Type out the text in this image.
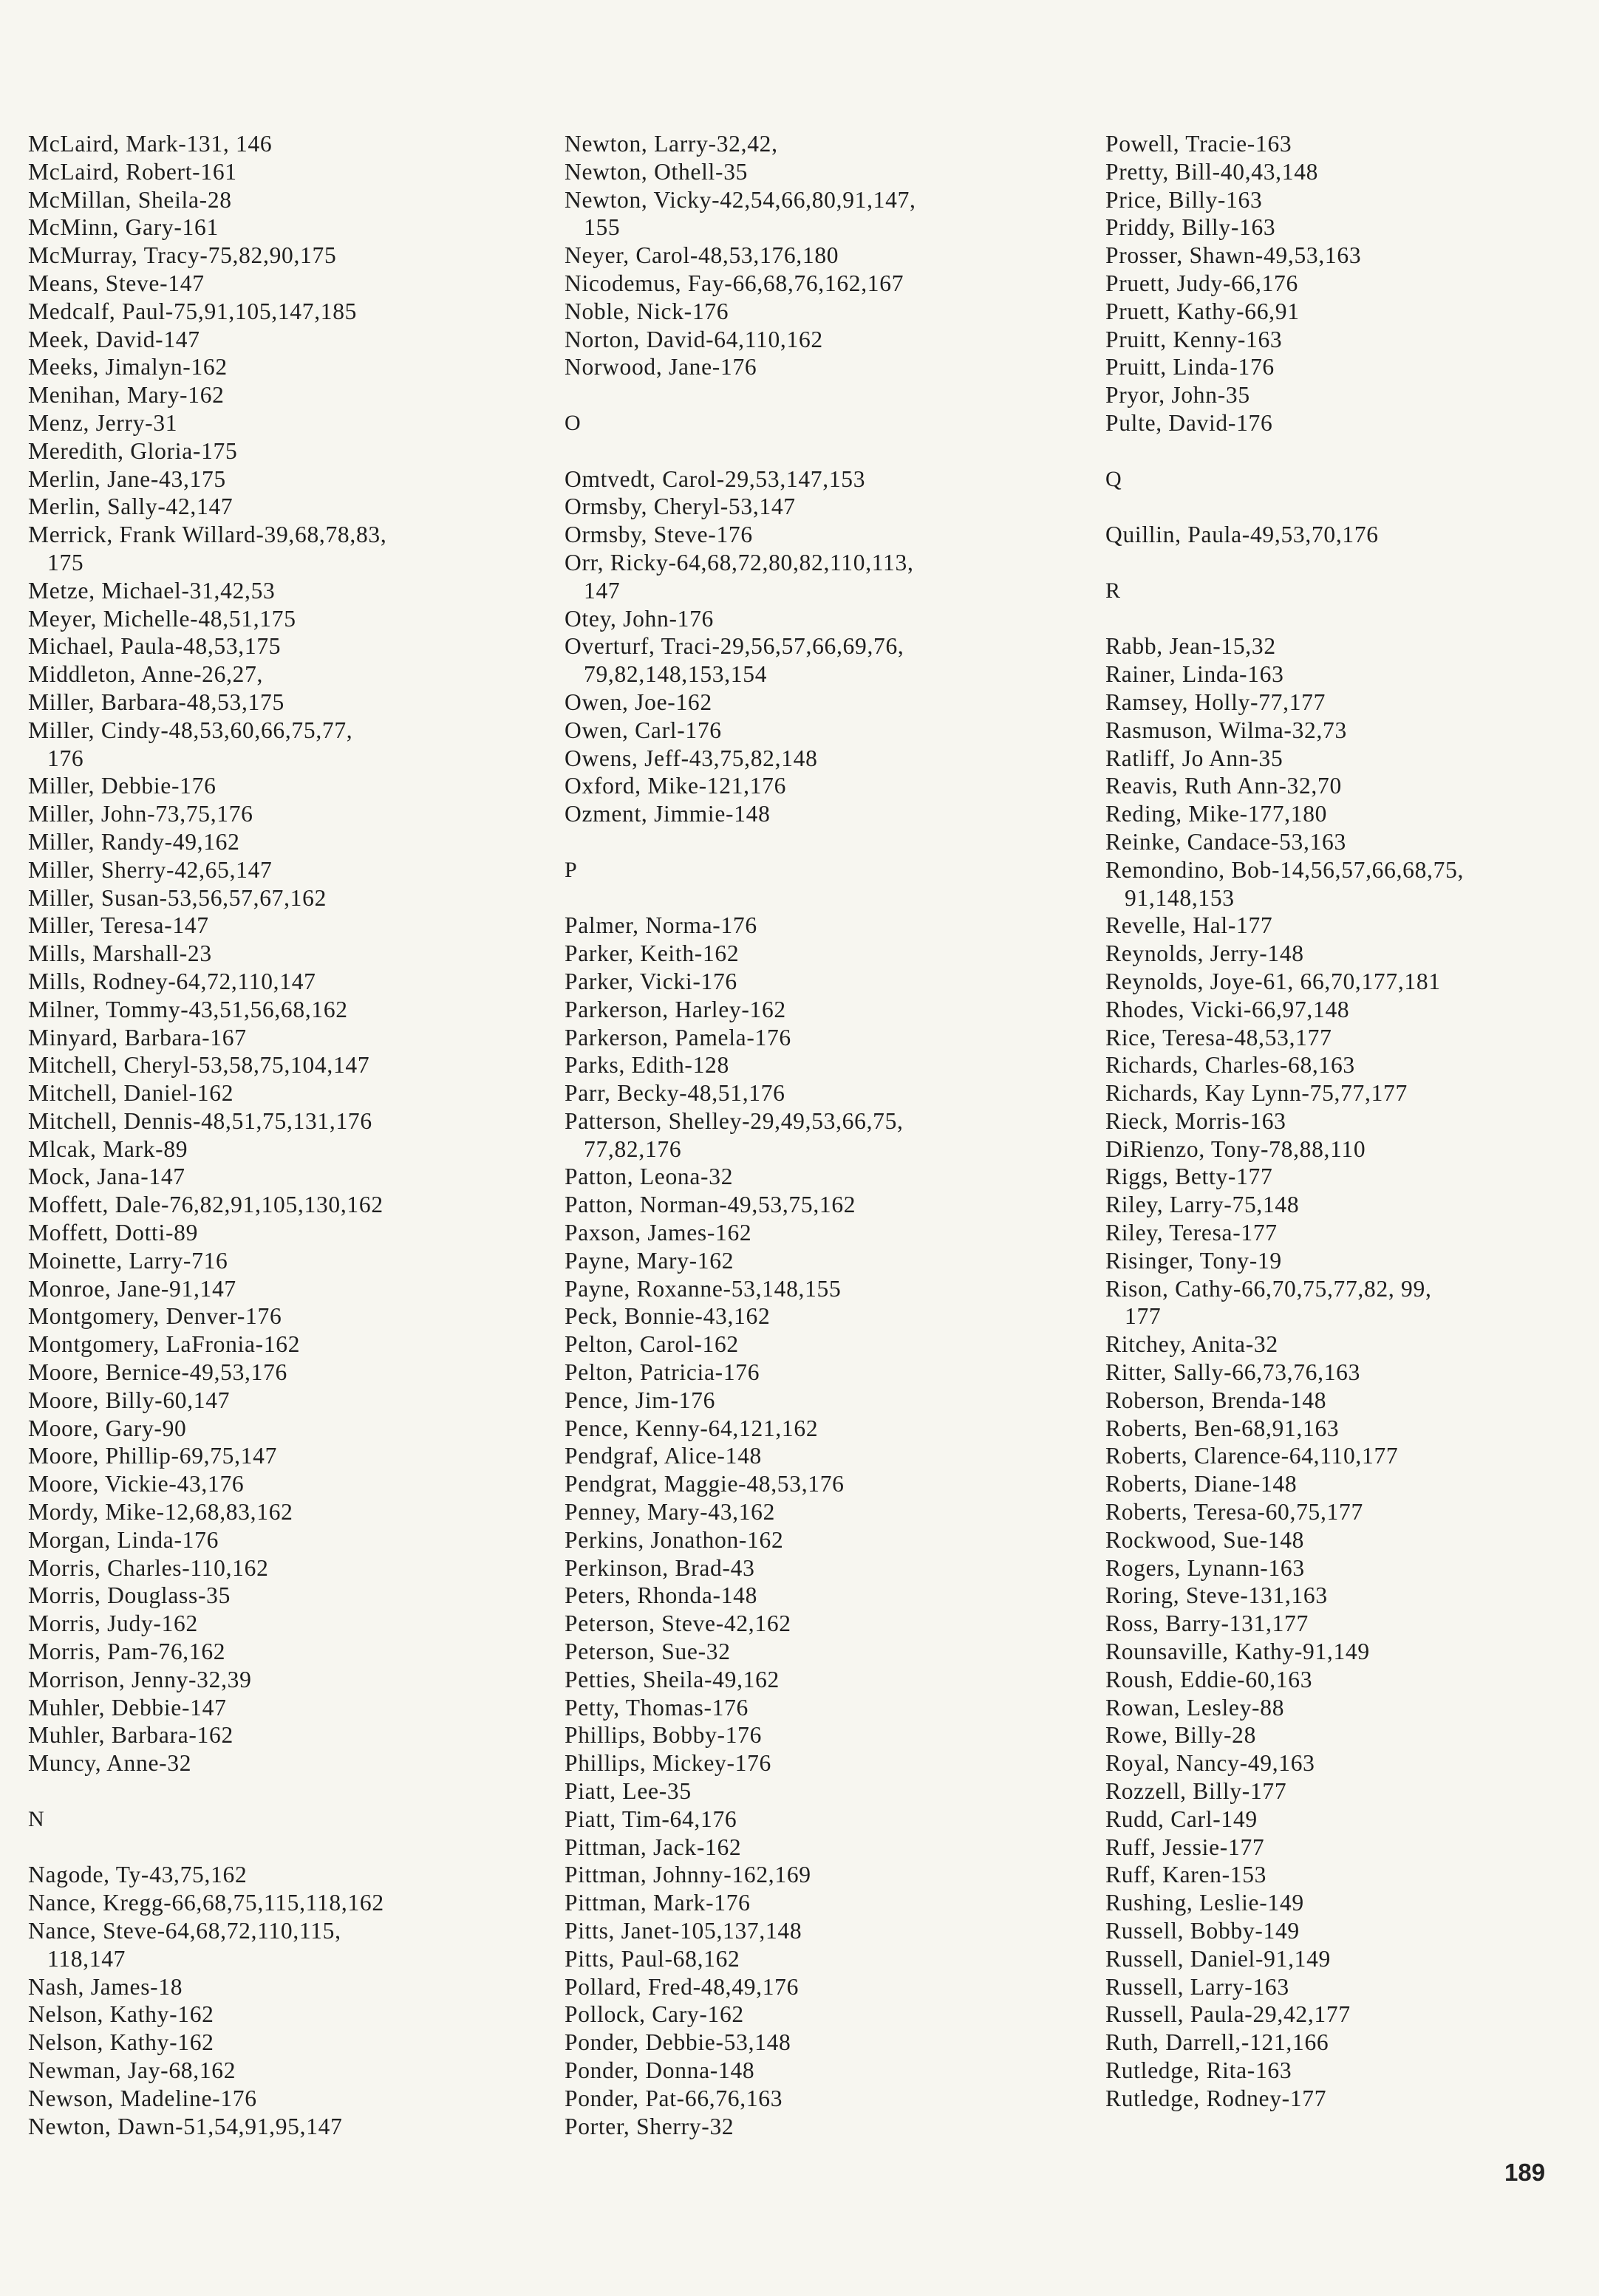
McLaird, Mark-131, 146
McLaird, Robert-161
McMillan, Sheila-28
McMinn, Gary-161
McMurray, Tracy-75,82,90,175
Means, Steve-147
Medcalf, Paul-75,91,105,147,185
Meek, David-147
Meeks, Jimalyn-162
Menihan, Mary-162
Menz, Jerry-31
Meredith, Gloria-175
Merlin, Jane-43,175
Merlin, Sally-42,147
Merrick, Frank Willard-39,68,78,83,
175
Metze, Michael-31,42,53
Meyer, Michelle-48,51,175
Michael, Paula-48,53,175
Middleton, Anne-26,27,
Miller, Barbara-48,53,175
Miller, Cindy-48,53,60,66,75,77,
176
Miller, Debbie-176
Miller, John-73,75,176
Miller, Randy-49,162
Miller, Sherry-42,65,147
Miller, Susan-53,56,57,67,162
Miller, Teresa-147
Mills, Marshall-23
Mills, Rodney-64,72,110,147
Milner, Tommy-43,51,56,68,162
Minyard, Barbara-167
Mitchell, Cheryl-53,58,75,104,147
Mitchell, Daniel-162
Mitchell, Dennis-48,51,75,131,176
Mlcak, Mark-89
Mock, Jana-147
Moffett, Dale-76,82,91,105,130,162
Moffett, Dotti-89
Moinette, Larry-716
Monroe, Jane-91,147
Montgomery, Denver-176
Montgomery, LaFronia-162
Moore, Bernice-49,53,176
Moore, Billy-60,147
Moore, Gary-90
Moore, Phillip-69,75,147
Moore, Vickie-43,176
Mordy, Mike-12,68,83,162
Morgan, Linda-176
Morris, Charles-110,162
Morris, Douglass-35
Morris, Judy-162
Morris, Pam-76,162
Morrison, Jenny-32,39
Muhler, Debbie-147
Muhler, Barbara-162
Muncy, Anne-32
N
Nagode, Ty-43,75,162
Nance, Kregg-66,68,75,115,118,162
Nance, Steve-64,68,72,110,115,
118,147
Nash, James-18
Nelson, Kathy-162
Nelson, Kathy-162
Newman, Jay-68,162
Newson, Madeline-176
Newton, Dawn-51,54,91,95,147
Newton, Larry-32,42,
Newton, Othell-35
Newton, Vicky-42,54,66,80,91,147,
155
Neyer, Carol-48,53,176,180
Nicodemus, Fay-66,68,76,162,167
Noble, Nick-176
Norton, David-64,110,162
Norwood, Jane-176
O
Omtvedt, Carol-29,53,147,153
Ormsby, Cheryl-53,147
Ormsby, Steve-176
Orr, Ricky-64,68,72,80,82,110,113,
147
Otey, John-176
Overturf, Traci-29,56,57,66,69,76,
79,82,148,153,154
Owen, Joe-162
Owen, Carl-176
Owens, Jeff-43,75,82,148
Oxford, Mike-121,176
Ozment, Jimmie-148
P
Palmer, Norma-176
Parker, Keith-162
Parker, Vicki-176
Parkerson, Harley-162
Parkerson, Pamela-176
Parks, Edith-128
Parr, Becky-48,51,176
Patterson, Shelley-29,49,53,66,75,
77,82,176
Patton, Leona-32
Patton, Norman-49,53,75,162
Paxson, James-162
Payne, Mary-162
Payne, Roxanne-53,148,155
Peck, Bonnie-43,162
Pelton, Carol-162
Pelton, Patricia-176
Pence, Jim-176
Pence, Kenny-64,121,162
Pendgraf, Alice-148
Pendgrat, Maggie-48,53,176
Penney, Mary-43,162
Perkins, Jonathon-162
Perkinson, Brad-43
Peters, Rhonda-148
Peterson, Steve-42,162
Peterson, Sue-32
Petties, Sheila-49,162
Petty, Thomas-176
Phillips, Bobby-176
Phillips, Mickey-176
Piatt, Lee-35
Piatt, Tim-64,176
Pittman, Jack-162
Pittman, Johnny-162,169
Pittman, Mark-176
Pitts, Janet-105,137,148
Pitts, Paul-68,162
Pollard, Fred-48,49,176
Pollock, Cary-162
Ponder, Debbie-53,148
Ponder, Donna-148
Ponder, Pat-66,76,163
Porter, Sherry-32
Powell, Tracie-163
Pretty, Bill-40,43,148
Price, Billy-163
Priddy, Billy-163
Prosser, Shawn-49,53,163
Pruett, Judy-66,176
Pruett, Kathy-66,91
Pruitt, Kenny-163
Pruitt, Linda-176
Pryor, John-35
Pulte, David-176
Q
Quillin, Paula-49,53,70,176
R
Rabb, Jean-15,32
Rainer, Linda-163
Ramsey, Holly-77,177
Rasmuson, Wilma-32,73
Ratliff, Jo Ann-35
Reavis, Ruth Ann-32,70
Reding, Mike-177,180
Reinke, Candace-53,163
Remondino, Bob-14,56,57,66,68,75,
91,148,153
Revelle, Hal-177
Reynolds, Jerry-148
Reynolds, Joye-61, 66,70,177,181
Rhodes, Vicki-66,97,148
Rice, Teresa-48,53,177
Richards, Charles-68,163
Richards, Kay Lynn-75,77,177
Rieck, Morris-163
DiRienzo, Tony-78,88,110
Riggs, Betty-177
Riley, Larry-75,148
Riley, Teresa-177
Risinger, Tony-19
Rison, Cathy-66,70,75,77,82, 99,
177
Ritchey, Anita-32
Ritter, Sally-66,73,76,163
Roberson, Brenda-148
Roberts, Ben-68,91,163
Roberts, Clarence-64,110,177
Roberts, Diane-148
Roberts, Teresa-60,75,177
Rockwood, Sue-148
Rogers, Lynann-163
Roring, Steve-131,163
Ross, Barry-131,177
Rounsaville, Kathy-91,149
Roush, Eddie-60,163
Rowan, Lesley-88
Rowe, Billy-28
Royal, Nancy-49,163
Rozzell, Billy-177
Rudd, Carl-149
Ruff, Jessie-177
Ruff, Karen-153
Rushing, Leslie-149
Russell, Bobby-149
Russell, Daniel-91,149
Russell, Larry-163
Russell, Paula-29,42,177
Ruth, Darrell,-121,166
Rutledge, Rita-163
Rutledge, Rodney-177
189
